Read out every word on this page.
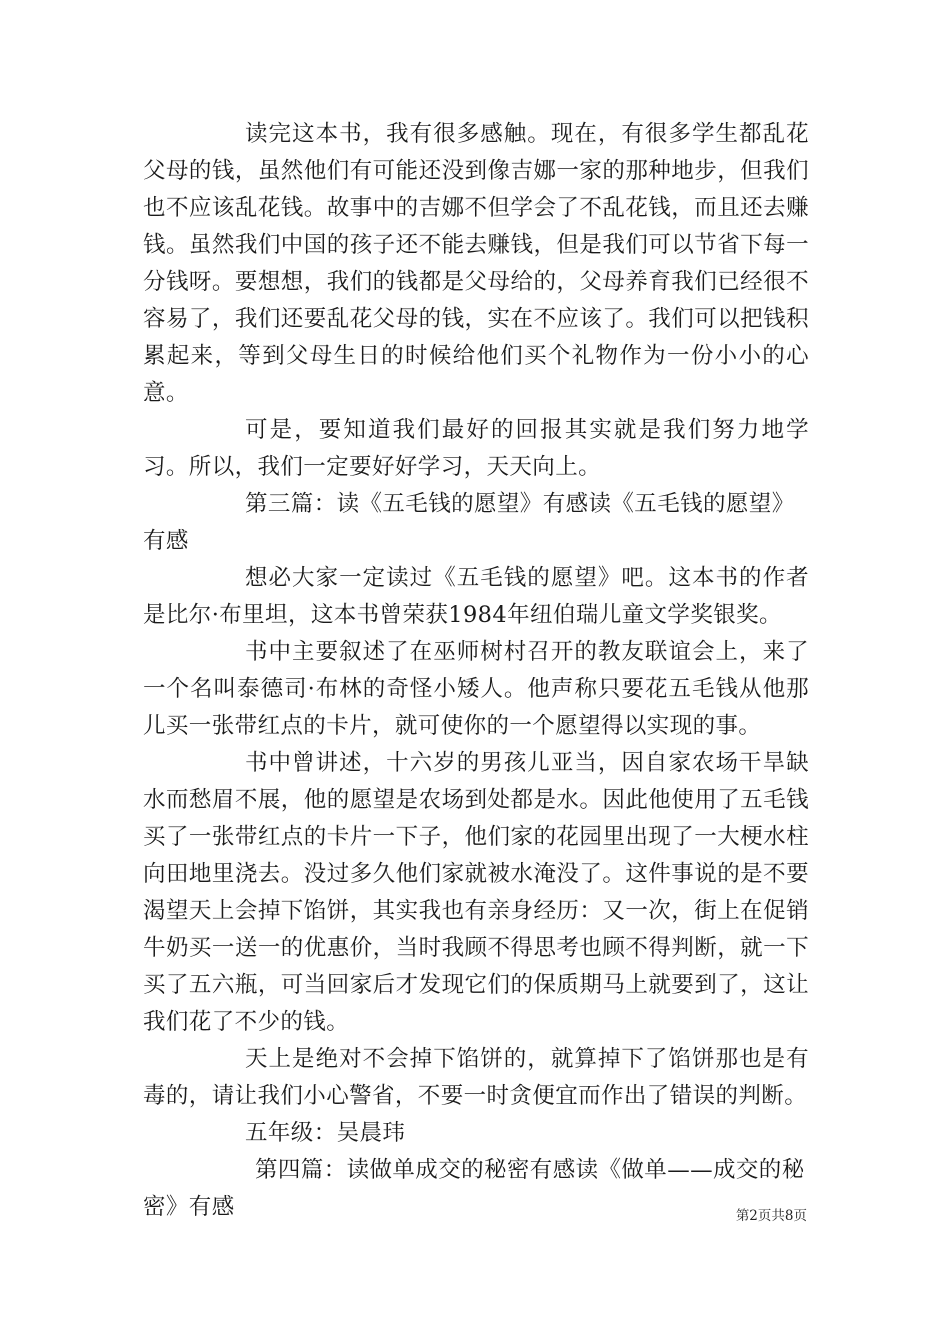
读完这本书，我有很多感触。现在，有很多学生都乱花父母的钱，虽然他们有可能还没到像吉娜一家的那种地步，但我们也不应该乱花钱。故事中的吉娜不但学会了不乱花钱，而且还去赚钱。虽然我们中国的孩子还不能去赚钱，但是我们可以节省下每一分钱呀。要想想，我们的钱都是父母给的，父母养育我们已经很不容易了，我们还要乱花父母的钱，实在不应该了。我们可以把钱积累起来，等到父母生日的时候给他们买个礼物作为一份小小的心意。

可是，要知道我们最好的回报其实就是我们努力地学习。所以，我们一定要好好学习，天天向上。

第三篇：读《五毛钱的愿望》有感读《五毛钱的愿望》有感

想必大家一定读过《五毛钱的愿望》吧。这本书的作者是比尔·布里坦，这本书曾荣获1984年纽伯瑞儿童文学奖银奖。

书中主要叙述了在巫师树村召开的教友联谊会上，来了一个名叫泰德司·布林的奇怪小矮人。他声称只要花五毛钱从他那儿买一张带红点的卡片，就可使你的一个愿望得以实现的事。

书中曾讲述，十六岁的男孩儿亚当，因自家农场干旱缺水而愁眉不展，他的愿望是农场到处都是水。因此他使用了五毛钱买了一张带红点的卡片一下子，他们家的花园里出现了一大梗水柱向田地里浇去。没过多久他们家就被水淹没了。这件事说的是不要渴望天上会掉下馅饼，其实我也有亲身经历：又一次，街上在促销牛奶买一送一的优惠价，当时我顾不得思考也顾不得判断，就一下买了五六瓶，可当回家后才发现它们的保质期马上就要到了，这让我们花了不少的钱。

天上是绝对不会掉下馅饼的，就算掉下了馅饼那也是有毒的，请让我们小心警省，不要一时贪便宜而作出了错误的判断。

五年级：吴晨玮

第四篇：读做单成交的秘密有感读《做单——成交的秘密》有感	第2页共8页
